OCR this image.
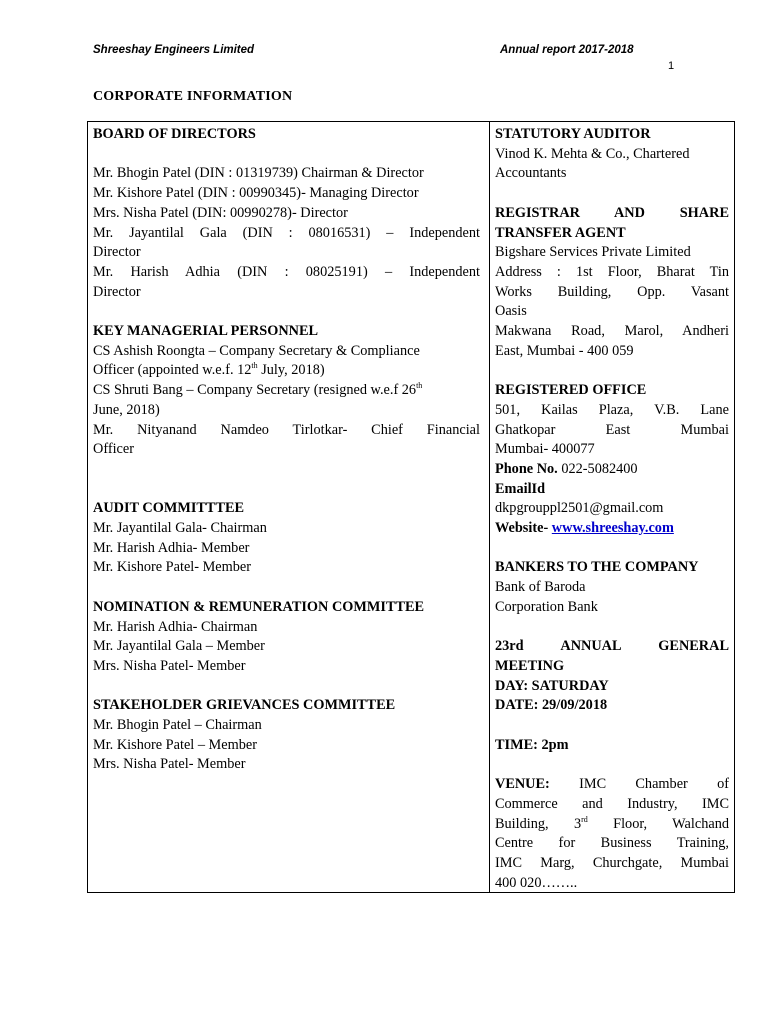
Shreeshay Engineers Limited	Annual report 2017-2018
1
CORPORATE INFORMATION
BOARD OF DIRECTORS
Mr. Bhogin Patel (DIN : 01319739) Chairman & Director
Mr. Kishore Patel (DIN : 00990345)- Managing Director
Mrs. Nisha Patel (DIN: 00990278)- Director
Mr. Jayantilal Gala (DIN : 08016531) – Independent
Director
Mr. Harish Adhia (DIN : 08025191) – Independent
Director
KEY MANAGERIAL PERSONNEL
CS Ashish Roongta – Company Secretary & Compliance
Officer (appointed w.e.f. 12th July, 2018)
CS Shruti Bang – Company Secretary (resigned w.e.f 26th
June, 2018)
Mr. Nityanand Namdeo Tirlotkar- Chief Financial
Officer
AUDIT COMMITTTEE
Mr. Jayantilal Gala- Chairman
Mr. Harish Adhia- Member
Mr. Kishore Patel- Member
NOMINATION & REMUNERATION COMMITTEE
Mr. Harish Adhia- Chairman
Mr. Jayantilal Gala – Member
Mrs. Nisha Patel- Member
STAKEHOLDER GRIEVANCES COMMITTEE
Mr. Bhogin Patel – Chairman
Mr. Kishore Patel – Member
Mrs. Nisha Patel- Member
STATUTORY AUDITOR
Vinod K. Mehta & Co., Chartered
Accountants
REGISTRAR AND SHARE
TRANSFER AGENT
Bigshare Services Private Limited
Address : 1st Floor, Bharat Tin
Works Building, Opp. Vasant
Oasis
Makwana Road, Marol, Andheri
East, Mumbai - 400 059
REGISTERED OFFICE
501, Kailas Plaza, V.B. Lane
Ghatkopar East Mumbai
Mumbai- 400077
Phone No. 022-5082400
EmailId
dkpgrouppl2501@gmail.com
Website- www.shreeshay.com
BANKERS TO THE COMPANY
Bank of Baroda
Corporation Bank
23rd ANNUAL GENERAL
MEETING
DAY: SATURDAY
DATE: 29/09/2018
TIME: 2pm
VENUE: IMC Chamber of
Commerce and Industry, IMC
Building, 3rd Floor, Walchand
Centre for Business Training,
IMC Marg, Churchgate, Mumbai
400 020……..
